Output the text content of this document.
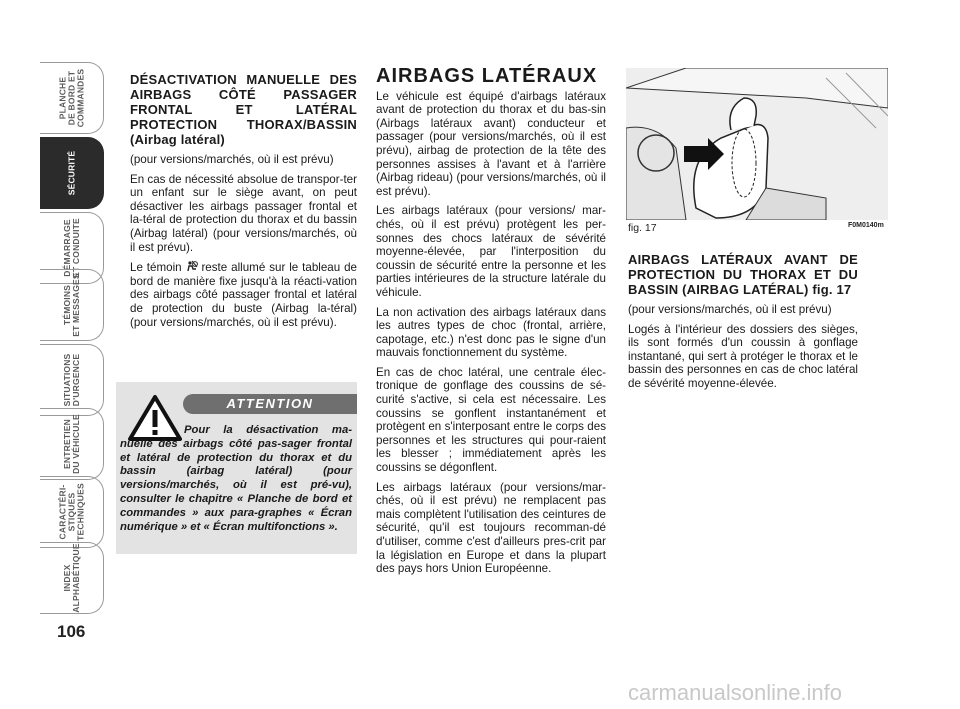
PLANCHE
DE BORD ET
COMMANDES
SÉCURITÉ
DÉMARRAGE
ET CONDUITE
TÉMOINS
ET MESSAGES
SITUATIONS
D'URGENCE
ENTRETIEN
DU VÉHICULE
CARACTÉRI-
STIQUES
TECHNIQUES
INDEX
ALPHABÉTIQUE
106

DÉSACTIVATION MANUELLE DES AIRBAGS CÔTÉ PASSAGER FRONTAL ET LATÉRAL PROTECTION THORAX/BASSIN (Airbag latéral)

(pour versions/marchés, où il est prévu)

En cas de nécessité absolue de transpor-ter un enfant sur le siège avant, on peut désactiver les airbags passager frontal et la-téral de protection du thorax et du bassin (Airbag latéral) (pour versions/marchés, où il est prévu).

Le témoin  reste allumé sur le tableau de bord de manière fixe jusqu'à la réacti-vation des airbags côté passager frontal et latéral de protection du buste (Airbag la-téral) (pour versions/marchés, où il est prévu).

ATTENTION
Pour la désactivation ma-nuelle des airbags côté pas-sager frontal et latéral de protection du thorax et du bassin (airbag latéral) (pour versions/marchés, où il est pré-vu), consulter le chapitre « Planche de bord et commandes » aux para-graphes « Écran numérique » et « Écran multifonctions ».

AIRBAGS LATÉRAUX

Le véhicule est équipé d'airbags latéraux avant de protection du thorax et du bas-sin (Airbags latéraux avant) conducteur et passager (pour versions/marchés, où il est prévu), airbag de protection de la tête des personnes assises à l'avant et à l'arrière (Airbag rideau) (pour versions/marchés, où il est prévu).

Les airbags latéraux (pour versions/ mar-chés, où il est prévu) protègent les per-sonnes des chocs latéraux de sévérité moyenne-élevée, par l'interposition du coussin de sécurité entre la personne et les parties intérieures de la structure latérale du véhicule.

La non activation des airbags latéraux dans les autres types de choc (frontal, arrière, capotage, etc.) n'est donc pas le signe d'un mauvais fonctionnement du système.

En cas de choc latéral, une centrale élec-tronique de gonflage des coussins de sé-curité s'active, si cela est nécessaire. Les coussins se gonflent instantanément et protègent en s'interposant entre le corps des personnes et les structures qui pour-raient les blesser ; immédiatement après les coussins se dégonflent.

Les airbags latéraux (pour versions/mar-chés, où il est prévu) ne remplacent pas mais complètent l'utilisation des ceintures de sécurité, qu'il est toujours recomman-dé d'utiliser, comme c'est d'ailleurs pres-crit par la législation en Europe et dans la plupart des pays hors Union Européenne.

fig. 17	F0M0140m

AIRBAGS LATÉRAUX AVANT DE PROTECTION DU THORAX ET DU BASSIN (AIRBAG LATÉRAL) fig. 17

(pour versions/marchés, où il est prévu)

Logés à l'intérieur des dossiers des sièges, ils sont formés d'un coussin à gonflage instantané, qui sert à protéger le thorax et le bassin des personnes en cas de choc latéral de sévérité moyenne-élevée.

carmanualsonline.info
